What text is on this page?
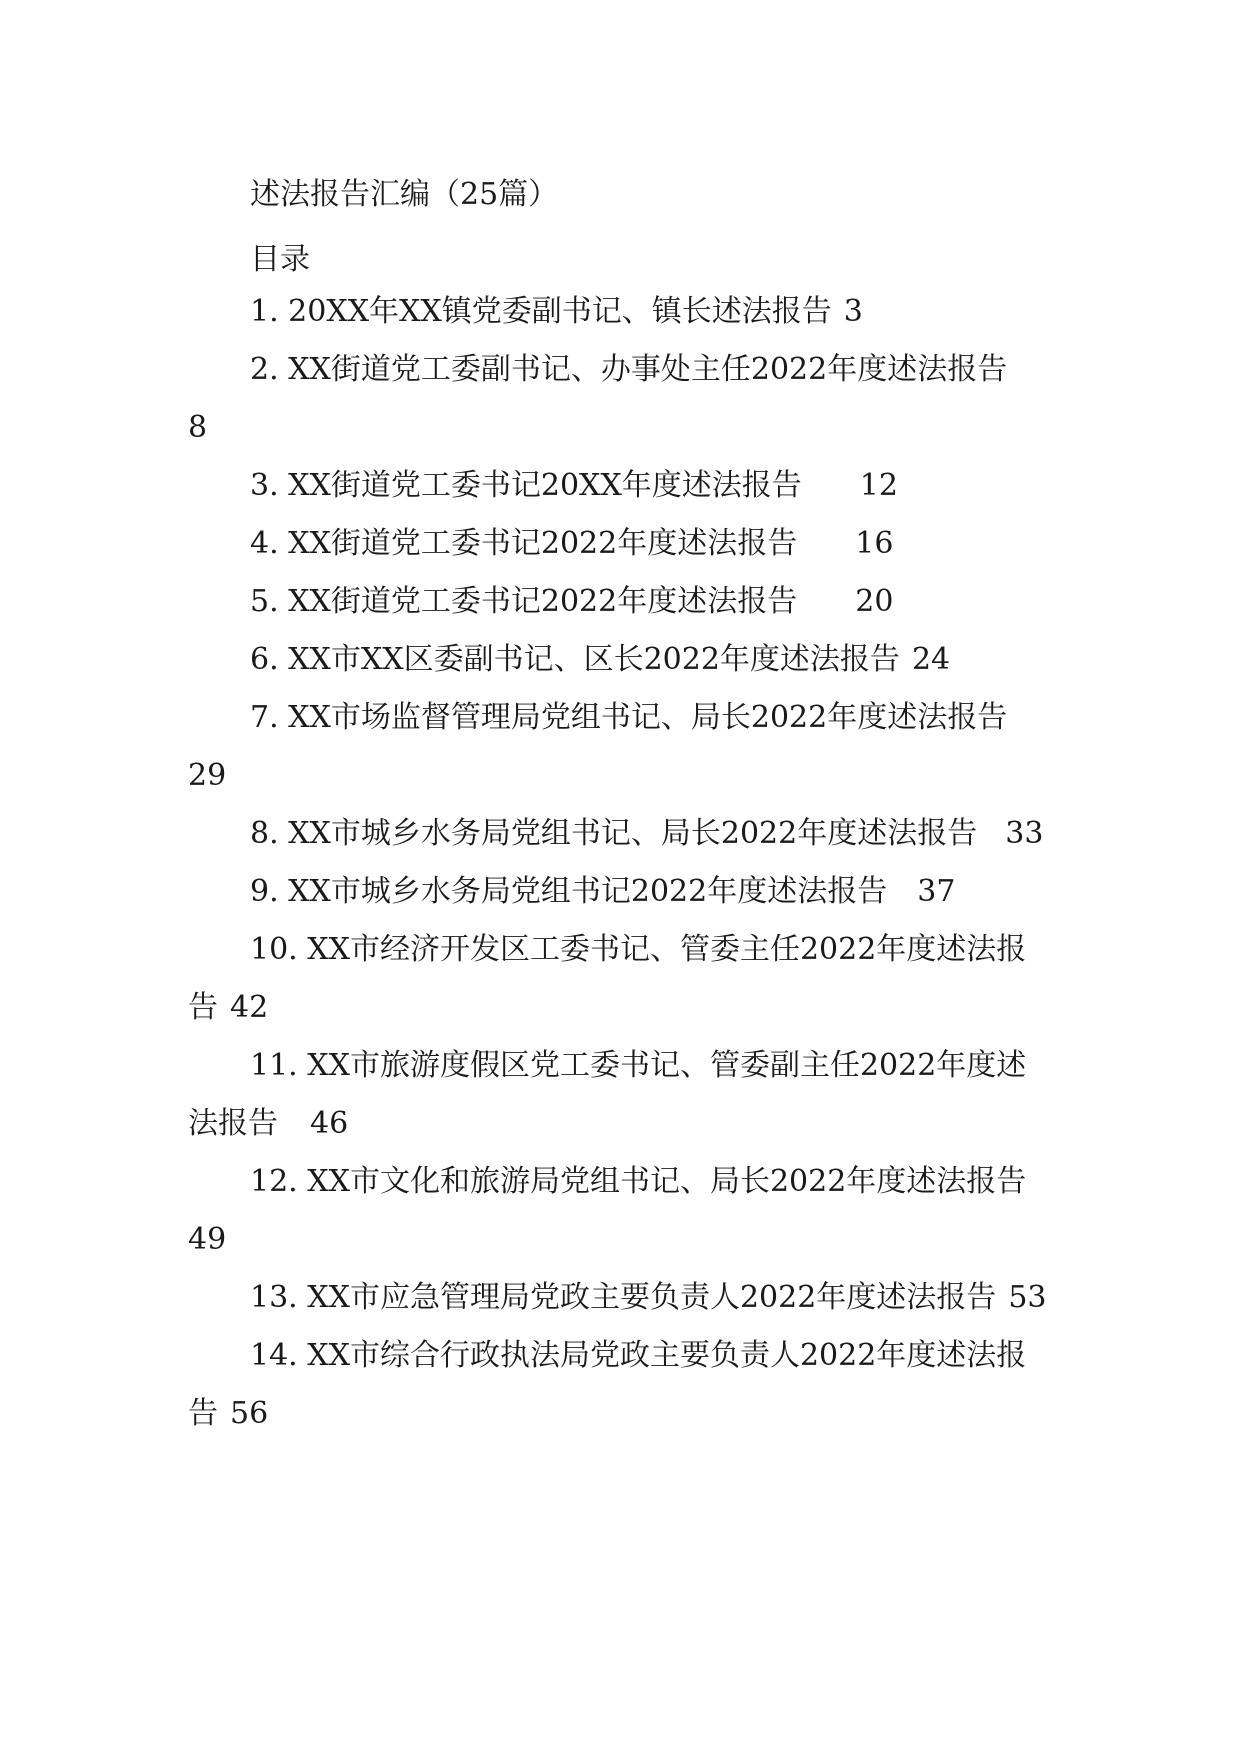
述法报告汇编（25篇）
目录
1. 20XX年XX镇党委副书记、镇长述法报告 3
2. XX街道党工委副书记、办事处主任2022年度述法报告
8
3. XX街道党工委书记20XX年度述法报告 12
4. XX街道党工委书记2022年度述法报告 16
5. XX街道党工委书记2022年度述法报告 20
6. XX市XX区委副书记、区长2022年度述法报告 24
7. XX市场监督管理局党组书记、局长2022年度述法报告
29
8. XX市城乡水务局党组书记、局长2022年度述法报告 33
9. XX市城乡水务局党组书记2022年度述法报告 37
10. XX市经济开发区工委书记、管委主任2022年度述法报
告 42
11. XX市旅游度假区党工委书记、管委副主任2022年度述
法报告 46
12. XX市文化和旅游局党组书记、局长2022年度述法报告
49
13. XX市应急管理局党政主要负责人2022年度述法报告 53
14. XX市综合行政执法局党政主要负责人2022年度述法报
告 56
